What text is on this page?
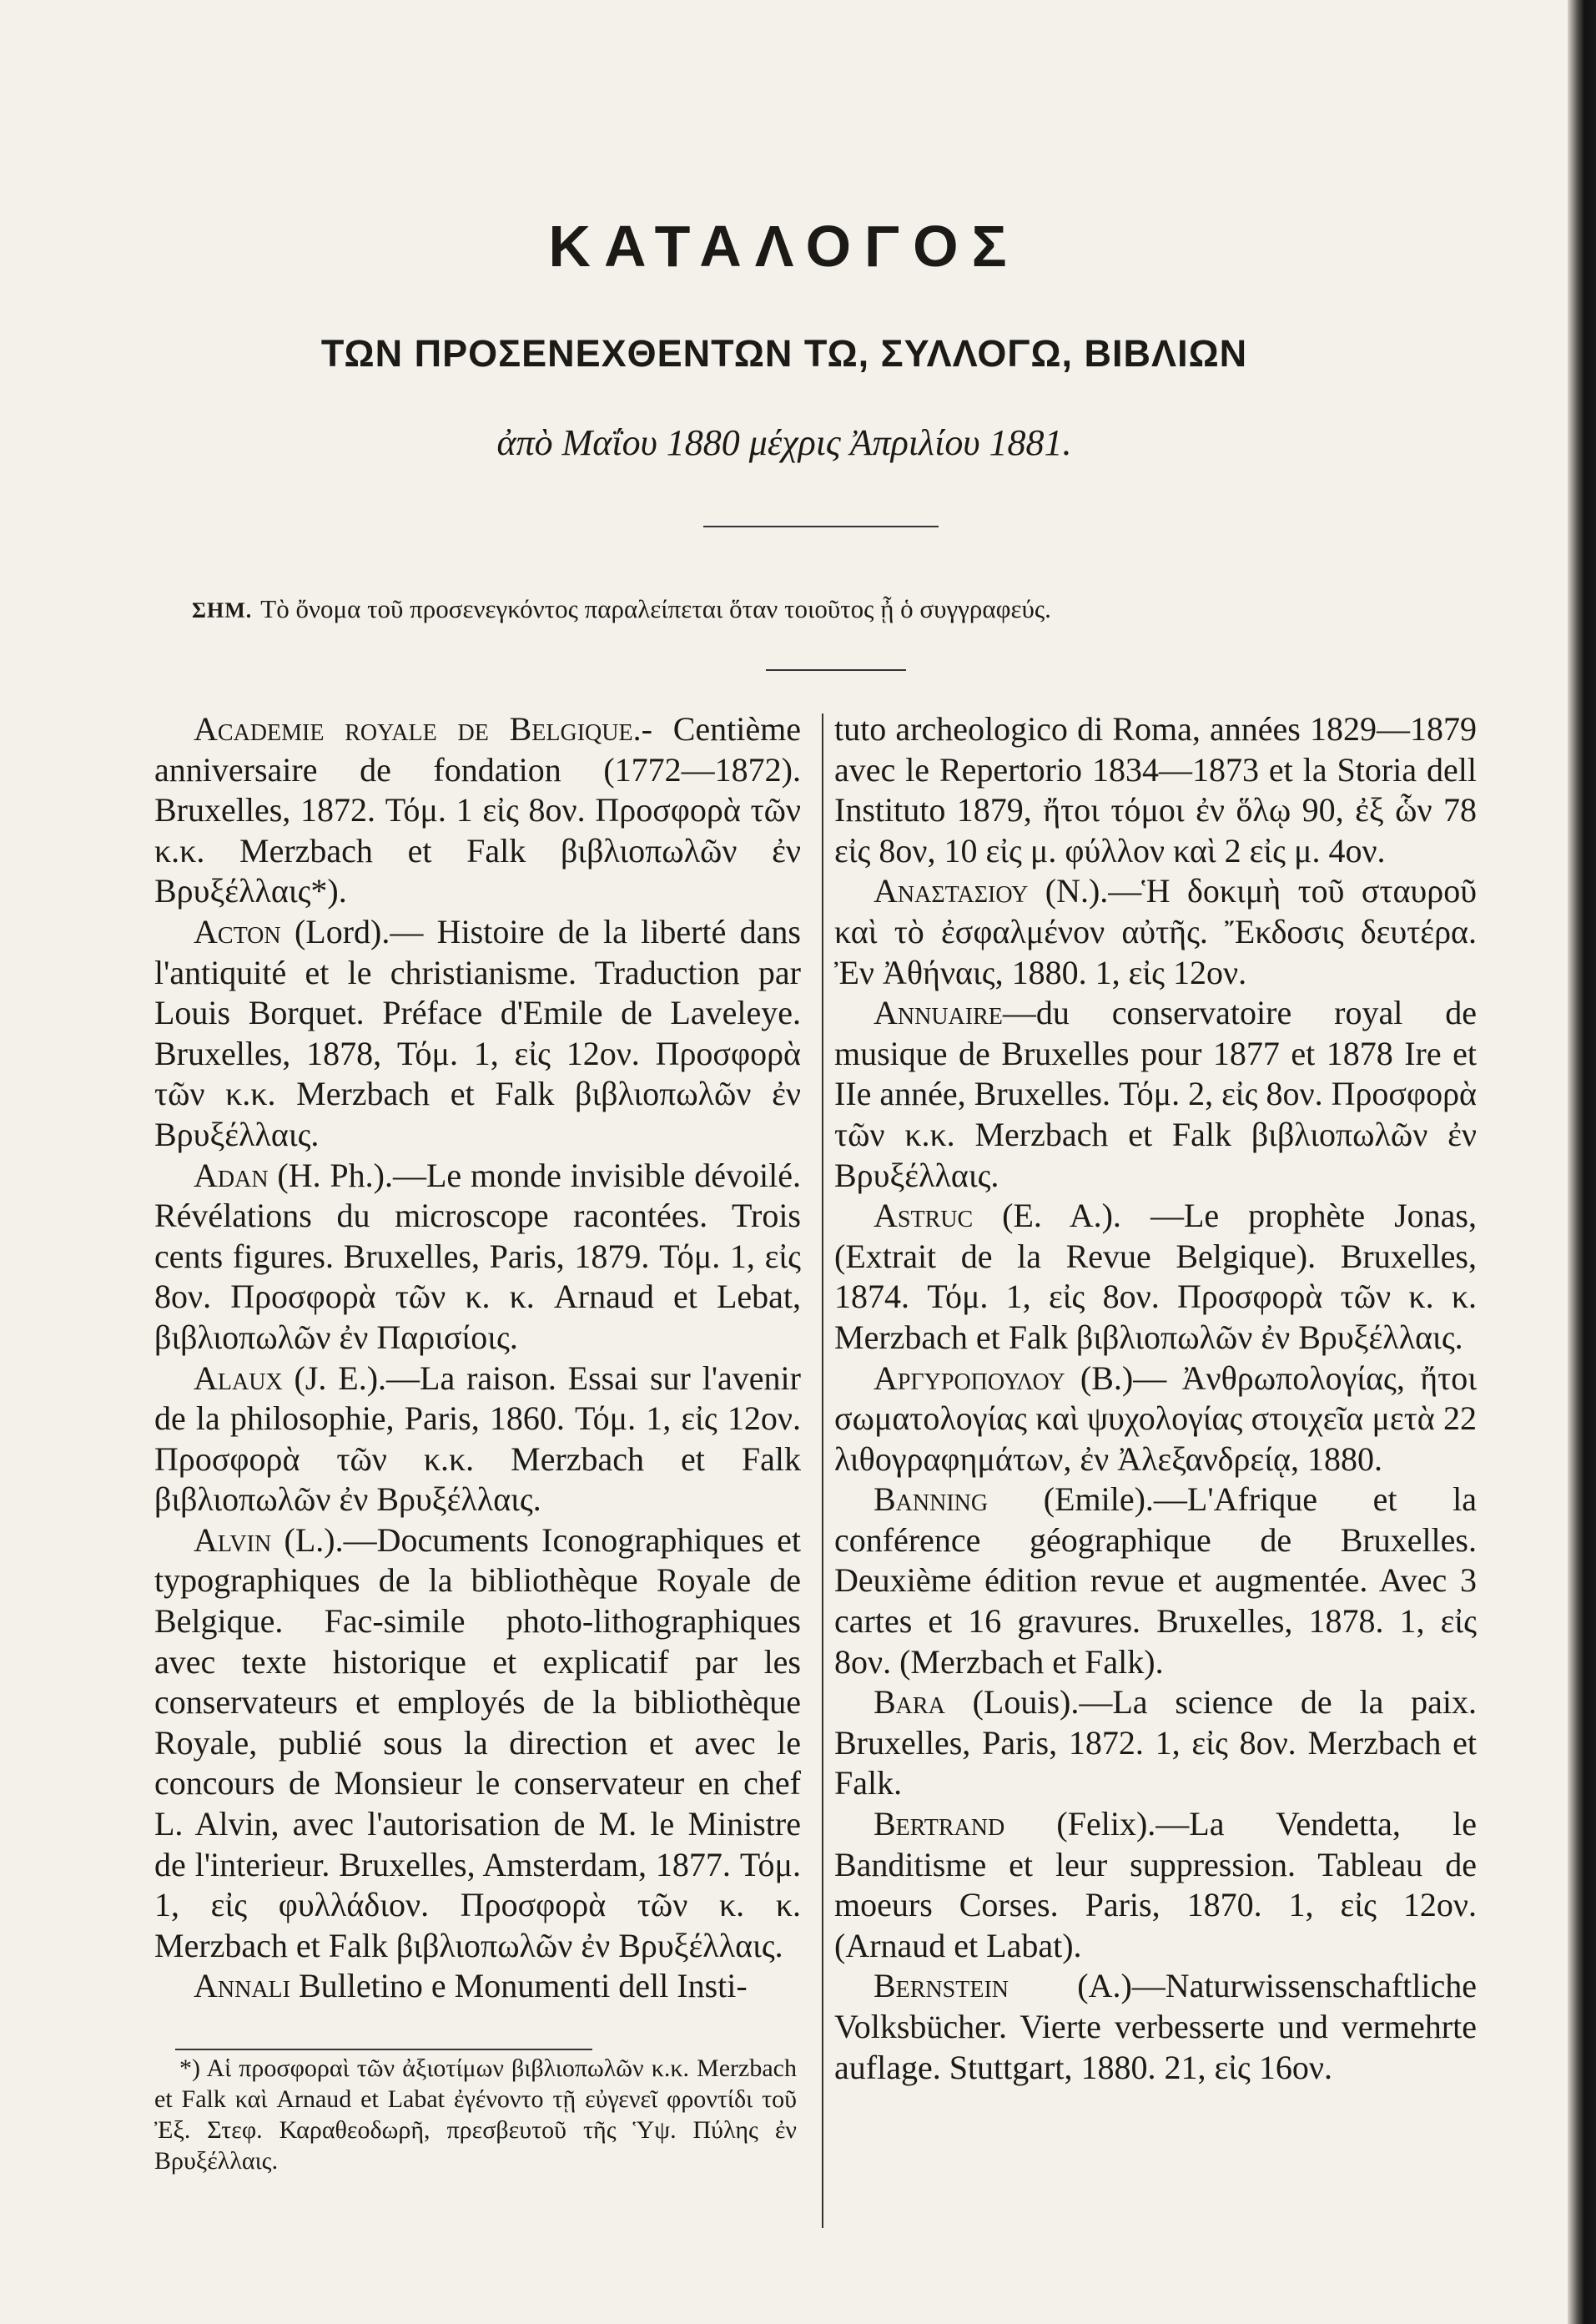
ΚΑΤΑΛΟΓΟΣ
ΤΩΝ ΠΡΟΣΕΝΕΧΘΕΝΤΩΝ ΤΩ, ΣΥΛΛΟΓΩ, ΒΙΒΛΙΩΝ
ἀπὸ Μαΐου 1880 μέχρις Ἀπριλίου 1881.
ΣΗΜ. Τὸ ὄνομα τοῦ προσενεγκόντος παραλείπεται ὅταν τοιοῦτος ᾖ ὁ συγγραφεύς.

Academie royale de Belgique.- Centième anniversaire de fondation (1772—1872). Bruxelles, 1872. Τόμ. 1 εἰς 8ον. Προσφορὰ τῶν κ.κ. Merzbach et Falk βιβλιοπωλῶν ἐν Βρυξέλλαις*).

Acton (Lord).— Histoire de la liberté dans l'antiquité et le christianisme. Traduction par Louis Borquet. Préface d'Emile de Laveleye. Bruxelles, 1878, Τόμ. 1, εἰς 12ον. Προσφορὰ τῶν κ.κ. Merzbach et Falk βιβλιοπωλῶν ἐν Βρυξέλλαις.

Adan (H. Ph.).—Le monde invisible dévoilé. Révélations du microscope racontées. Trois cents figures. Bruxelles, Paris, 1879. Τόμ. 1, εἰς 8ον. Προσφορὰ τῶν κ. κ. Arnaud et Lebat, βιβλιοπωλῶν ἐν Παρισίοις.

Alaux (J. E.).—La raison. Essai sur l'avenir de la philosophie, Paris, 1860. Τόμ. 1, εἰς 12ον. Προσφορὰ τῶν κ.κ. Merzbach et Falk βιβλιοπωλῶν ἐν Βρυξέλλαις.

Alvin (L.).—Documents Iconographiques et typographiques de la bibliothèque Royale de Belgique. Fac-simile photo-lithographiques avec texte historique et explicatif par les conservateurs et employés de la bibliothèque Royale, publié sous la direction et avec le concours de Monsieur le conservateur en chef L. Alvin, avec l'autorisation de M. le Ministre de l'interieur. Bruxelles, Amsterdam, 1877. Τόμ. 1, εἰς φυλλάδιον. Προσφορὰ τῶν κ. κ. Merzbach et Falk βιβλιοπωλῶν ἐν Βρυξέλλαις.

Annali Bulletino e Monumenti dell Insti-

tuto archeologico di Roma, années 1829—1879 avec le Repertorio 1834—1873 et la Storia dell Instituto 1879, ἤτοι τόμοι ἐν ὅλῳ 90, ἐξ ὧν 78 εἰς 8ον, 10 εἰς μ. φύλλον καὶ 2 εἰς μ. 4ον.

Αναστασιου (Ν.).—Ἡ δοκιμὴ τοῦ σταυροῦ καὶ τὸ ἐσφαλμένον αὐτῆς. Ἔκδοσις δευτέρα. Ἐν Ἀθήναις, 1880. 1, εἰς 12ον.

Annuaire—du conservatoire royal de musique de Bruxelles pour 1877 et 1878 Ire et IIe année, Bruxelles. Τόμ. 2, εἰς 8ον. Προσφορὰ τῶν κ.κ. Merzbach et Falk βιβλιοπωλῶν ἐν Βρυξέλλαις.

Astruc (E. A.). —Le prophète Jonas, (Extrait de la Revue Belgique). Bruxelles, 1874. Τόμ. 1, εἰς 8ον. Προσφορὰ τῶν κ. κ. Merzbach et Falk βιβλιοπωλῶν ἐν Βρυξέλλαις.

Αργυροπουλου (Β.)— Ἀνθρωπολογίας, ἤτοι σωματολογίας καὶ ψυχολογίας στοιχεῖα μετὰ 22 λιθογραφημάτων, ἐν Ἀλεξανδρείᾳ, 1880.

Banning (Emile).—L'Afrique et la conférence géographique de Bruxelles. Deuxième édition revue et augmentée. Avec 3 cartes et 16 gravures. Bruxelles, 1878. 1, εἰς 8ον. (Merzbach et Falk).

Bara (Louis).—La science de la paix. Bruxelles, Paris, 1872. 1, εἰς 8ον. Merzbach et Falk.

Bertrand (Felix).—La Vendetta, le Banditisme et leur suppression. Tableau de moeurs Corses. Paris, 1870. 1, εἰς 12ον. (Arnaud et Labat).

Bernstein (A.)—Naturwissenschaftliche Volksbücher. Vierte verbesserte und vermehrte auflage. Stuttgart, 1880. 21, εἰς 16ον.

*) Αἱ προσφοραὶ τῶν ἀξιοτίμων βιβλιοπωλῶν κ.κ. Merzbach et Falk καὶ Arnaud et Labat ἐγένοντο τῇ εὐγενεῖ φροντίδι τοῦ Ἐξ. Στεφ. Καραθεοδωρῆ, πρεσβευτοῦ τῆς Ὑψ. Πύλης ἐν Βρυξέλλαις.
